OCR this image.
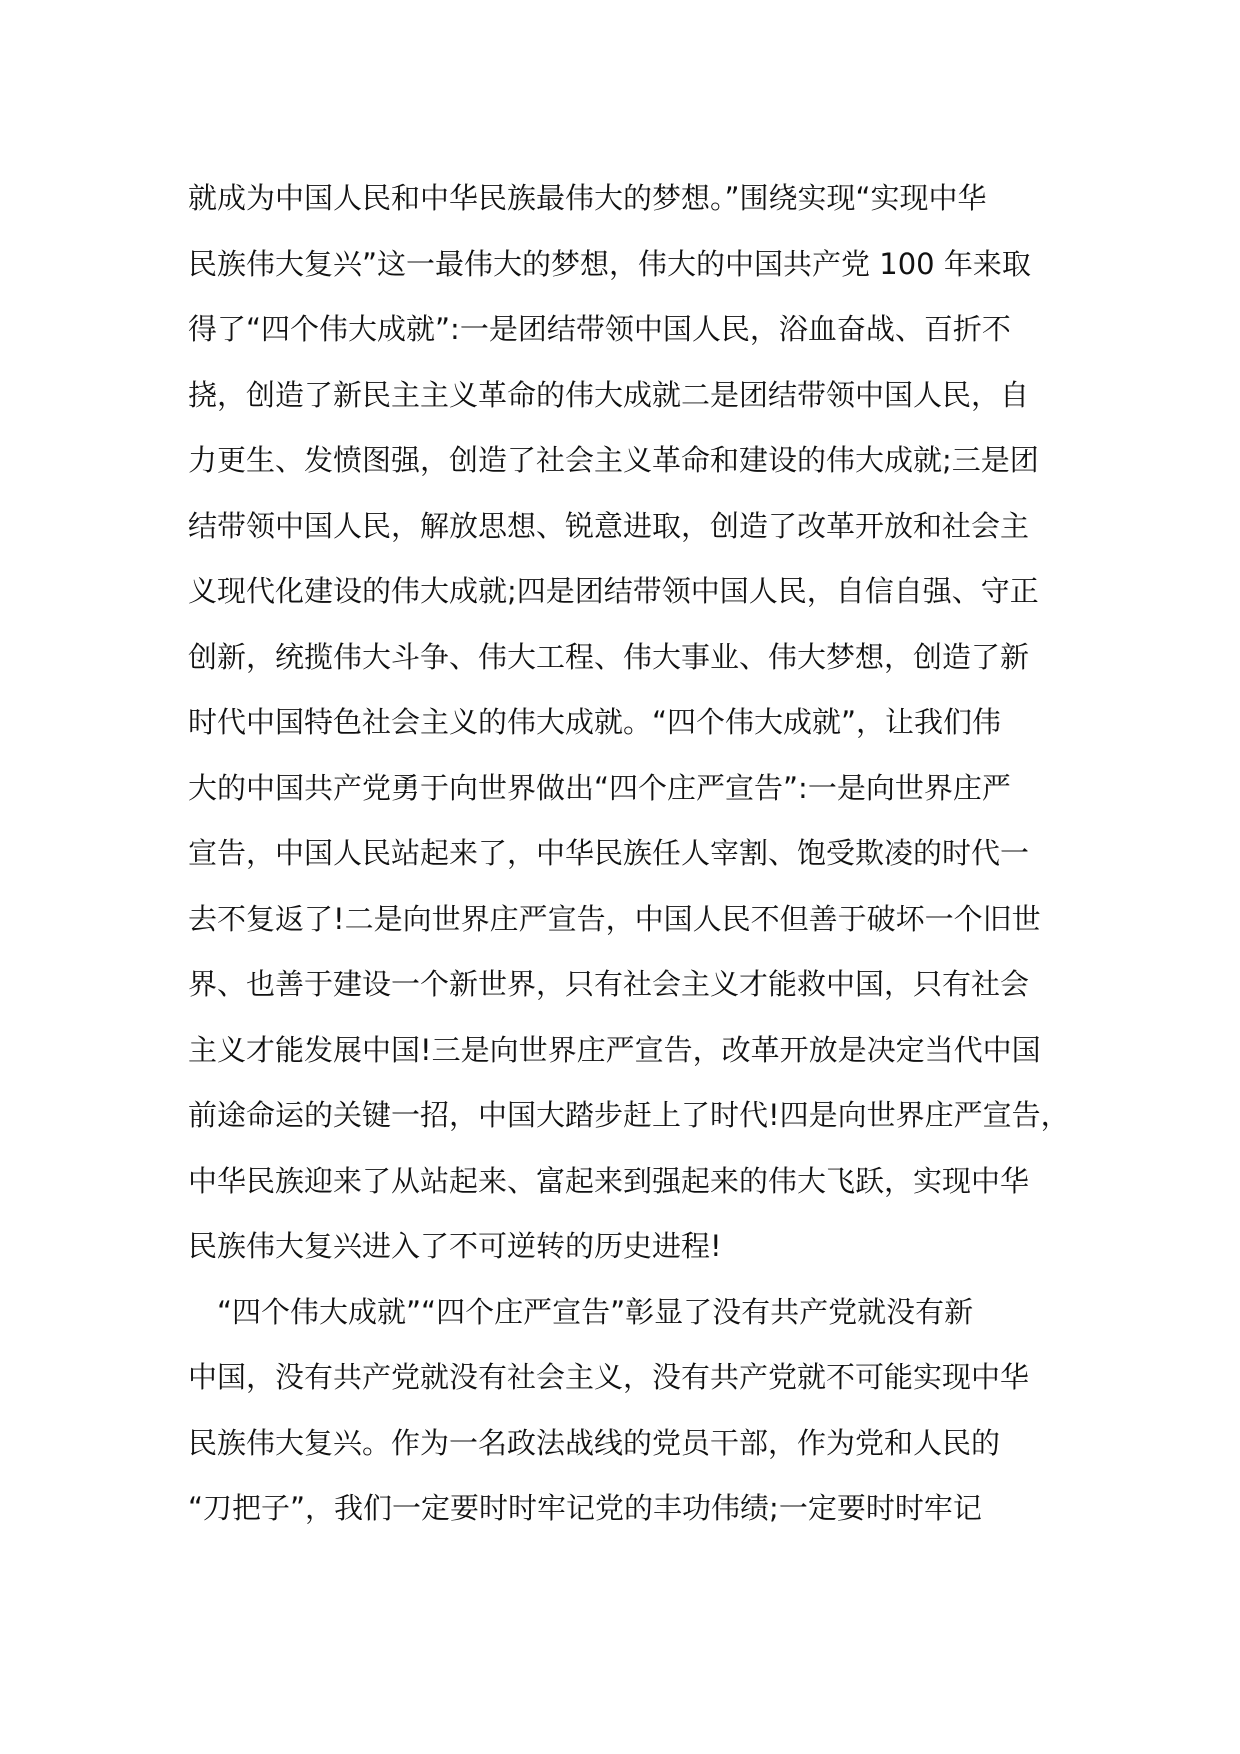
就成为中国人民和中华民族最伟大的梦想。”围绕实现“实现中华
民族伟大复兴”这一最伟大的梦想，伟大的中国共产党 100 年来取
得了“四个伟大成就”:一是团结带领中国人民，浴血奋战、百折不
挠，创造了新民主主义革命的伟大成就二是团结带领中国人民，自
力更生、发愤图强，创造了社会主义革命和建设的伟大成就;三是团
结带领中国人民，解放思想、锐意进取，创造了改革开放和社会主
义现代化建设的伟大成就;四是团结带领中国人民，自信自强、守正
创新，统揽伟大斗争、伟大工程、伟大事业、伟大梦想，创造了新
时代中国特色社会主义的伟大成就。“四个伟大成就”，让我们伟
大的中国共产党勇于向世界做出“四个庄严宣告”:一是向世界庄严
宣告，中国人民站起来了，中华民族任人宰割、饱受欺凌的时代一
去不复返了!二是向世界庄严宣告，中国人民不但善于破坏一个旧世
界、也善于建设一个新世界，只有社会主义才能救中国，只有社会
主义才能发展中国!三是向世界庄严宣告，改革开放是决定当代中国
前途命运的关键一招，中国大踏步赶上了时代!四是向世界庄严宣告，
中华民族迎来了从站起来、富起来到强起来的伟大飞跃，实现中华
民族伟大复兴进入了不可逆转的历史进程!
　“四个伟大成就”“四个庄严宣告”彰显了没有共产党就没有新
中国，没有共产党就没有社会主义，没有共产党就不可能实现中华
民族伟大复兴。作为一名政法战线的党员干部，作为党和人民的
“刀把子”，我们一定要时时牢记党的丰功伟绩;一定要时时牢记
